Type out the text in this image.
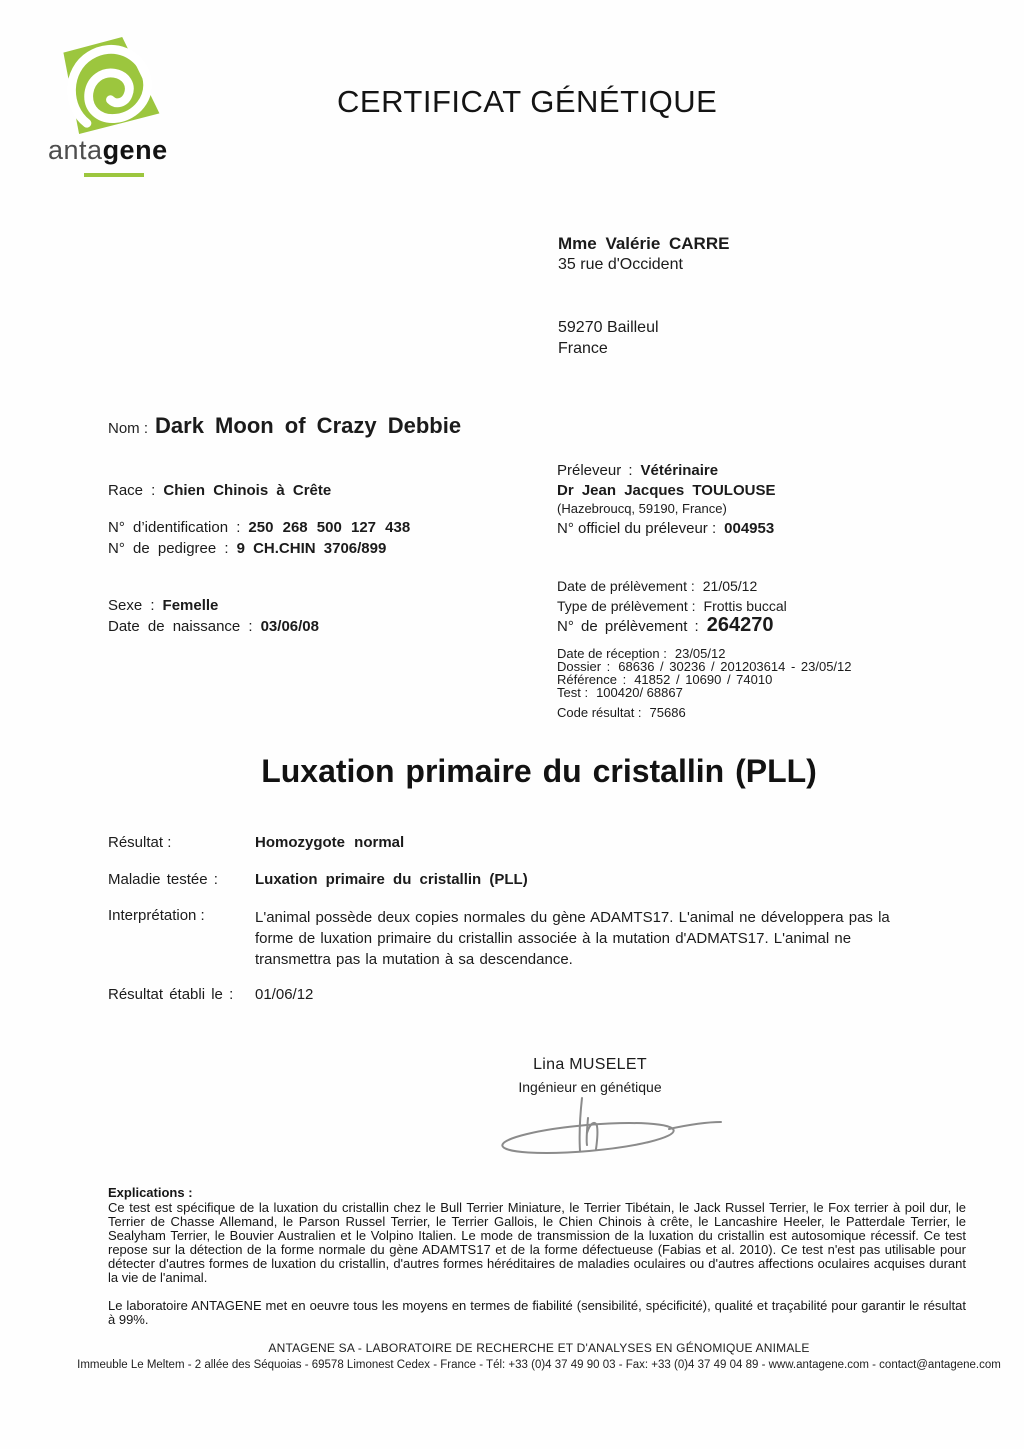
antagene
CERTIFICAT GÉNÉTIQUE
Mme Valérie CARRE
35 rue d'Occident
59270 Bailleul
France
Nom : Dark Moon of Crazy Debbie
Race : Chien Chinois à Crête
N° d’identification : 250 268 500 127 438
N° de pedigree : 9 CH.CHIN 3706/899
Sexe : Femelle
Date de naissance : 03/06/08
Préleveur : Vétérinaire
Dr Jean Jacques TOULOUSE
(Hazebroucq, 59190, France)
N° officiel du préleveur : 004953
Date de prélèvement : 21/05/12
Type de prélèvement : Frottis buccal
N° de prélèvement : 264270
Date de réception : 23/05/12
Dossier : 68636 / 30236 / 201203614 - 23/05/12
Référence : 41852 / 10690 / 74010
Test : 100420/ 68867
Code résultat : 75686
Luxation primaire du cristallin (PLL)
Résultat :	Homozygote normal
Maladie testée : Luxation primaire du cristallin (PLL)
Interprétation :	L'animal possède deux copies normales du gène ADAMTS17. L'animal ne développera pas la forme de luxation primaire du cristallin associée à la mutation d'ADMATS17. L'animal ne transmettra pas la mutation à sa descendance.
Résultat établi le : 01/06/12
Lina MUSELET
Ingénieur en génétique
Explications :

Ce test est spécifique de la luxation du cristallin chez le Bull Terrier Miniature, le Terrier Tibétain, le Jack Russel Terrier, le Fox terrier à poil dur, le Terrier de Chasse Allemand, le Parson Russel Terrier, le Terrier Gallois, le Chien Chinois à crête, le Lancashire Heeler, le Patterdale Terrier, le Sealyham Terrier, le Bouvier Australien et le Volpino Italien. Le mode de transmission de la luxation du cristallin est autosomique récessif. Ce test repose sur la détection de la forme normale du gène ADAMTS17 et de la forme défectueuse (Fabias et al. 2010). Ce test n'est pas utilisable pour détecter d'autres formes de luxation du cristallin, d'autres formes héréditaires de maladies oculaires ou d'autres affections oculaires acquises durant la vie de l'animal.

Le laboratoire ANTAGENE met en oeuvre tous les moyens en termes de fiabilité (sensibilité, spécificité), qualité et traçabilité pour garantir le résultat à 99%.

ANTAGENE SA - LABORATOIRE DE RECHERCHE ET D'ANALYSES EN GÉNOMIQUE ANIMALE
Immeuble Le Meltem - 2 allée des Séquoias - 69578 Limonest Cedex - France - Tél: +33 (0)4 37 49 90 03 - Fax: +33 (0)4 37 49 04 89 - www.antagene.com - contact@antagene.com
